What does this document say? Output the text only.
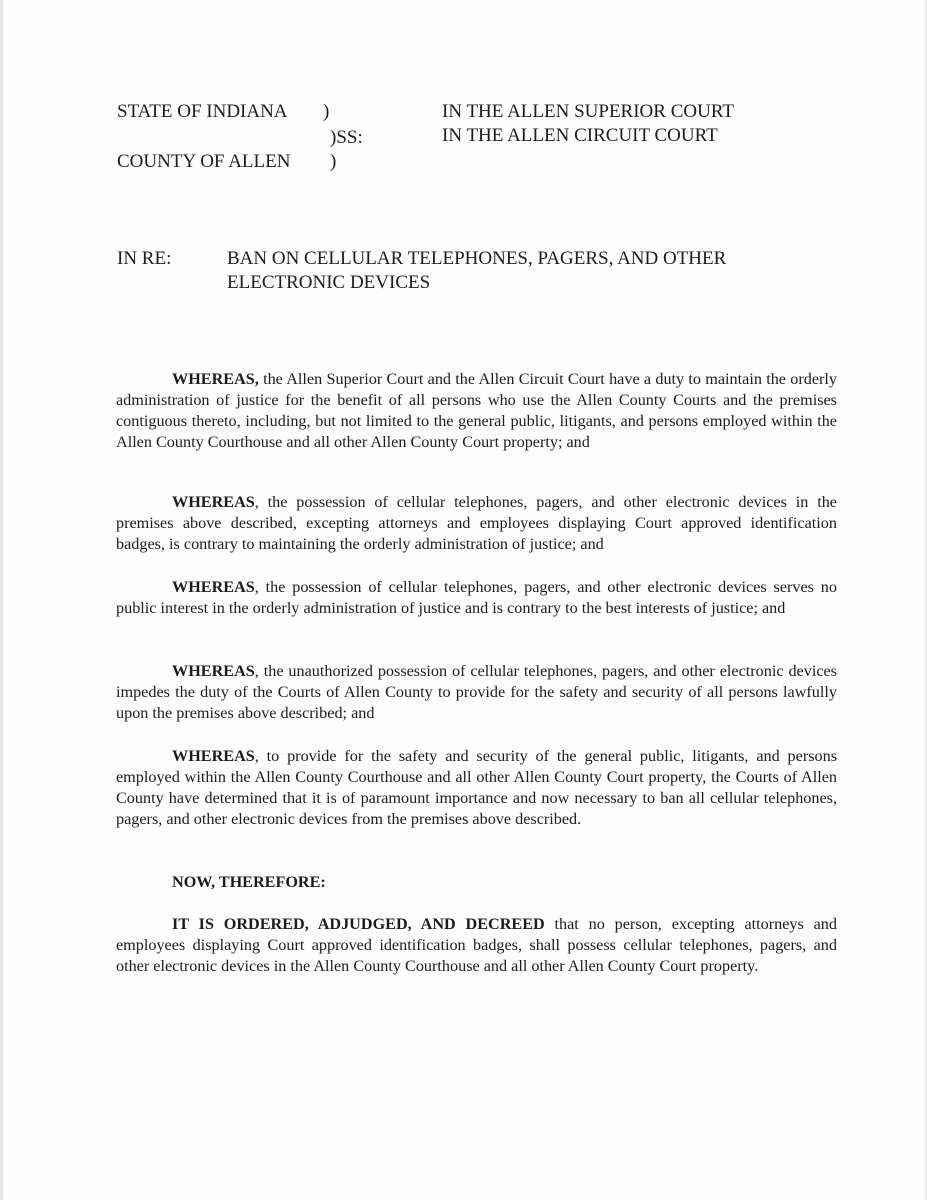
STATE OF INDIANA )
)SS:
COUNTY OF ALLEN )
IN THE ALLEN SUPERIOR COURT
IN THE ALLEN CIRCUIT COURT
IN RE:	BAN ON CELLULAR TELEPHONES, PAGERS, AND OTHER ELECTRONIC DEVICES

WHEREAS, the Allen Superior Court and the Allen Circuit Court have a duty to maintain the orderly administration of justice for the benefit of all persons who use the Allen County Courts and the premises contiguous thereto, including, but not limited to the general public, litigants, and persons employed within the Allen County Courthouse and all other Allen County Court property; and

WHEREAS, the possession of cellular telephones, pagers, and other electronic devices in the premises above described, excepting attorneys and employees displaying Court approved identification badges, is contrary to maintaining the orderly administration of justice; and

WHEREAS, the possession of cellular telephones, pagers, and other electronic devices serves no public interest in the orderly administration of justice and is contrary to the best interests of justice; and

WHEREAS, the unauthorized possession of cellular telephones, pagers, and other electronic devices impedes the duty of the Courts of Allen County to provide for the safety and security of all persons lawfully upon the premises above described; and

WHEREAS, to provide for the safety and security of the general public, litigants, and persons employed within the Allen County Courthouse and all other Allen County Court property, the Courts of Allen County have determined that it is of paramount importance and now necessary to ban all cellular telephones, pagers, and other electronic devices from the premises above described.

NOW, THEREFORE:

IT IS ORDERED, ADJUDGED, AND DECREED that no person, excepting attorneys and employees displaying Court approved identification badges, shall possess cellular telephones, pagers, and other electronic devices in the Allen County Courthouse and all other Allen County Court property.
